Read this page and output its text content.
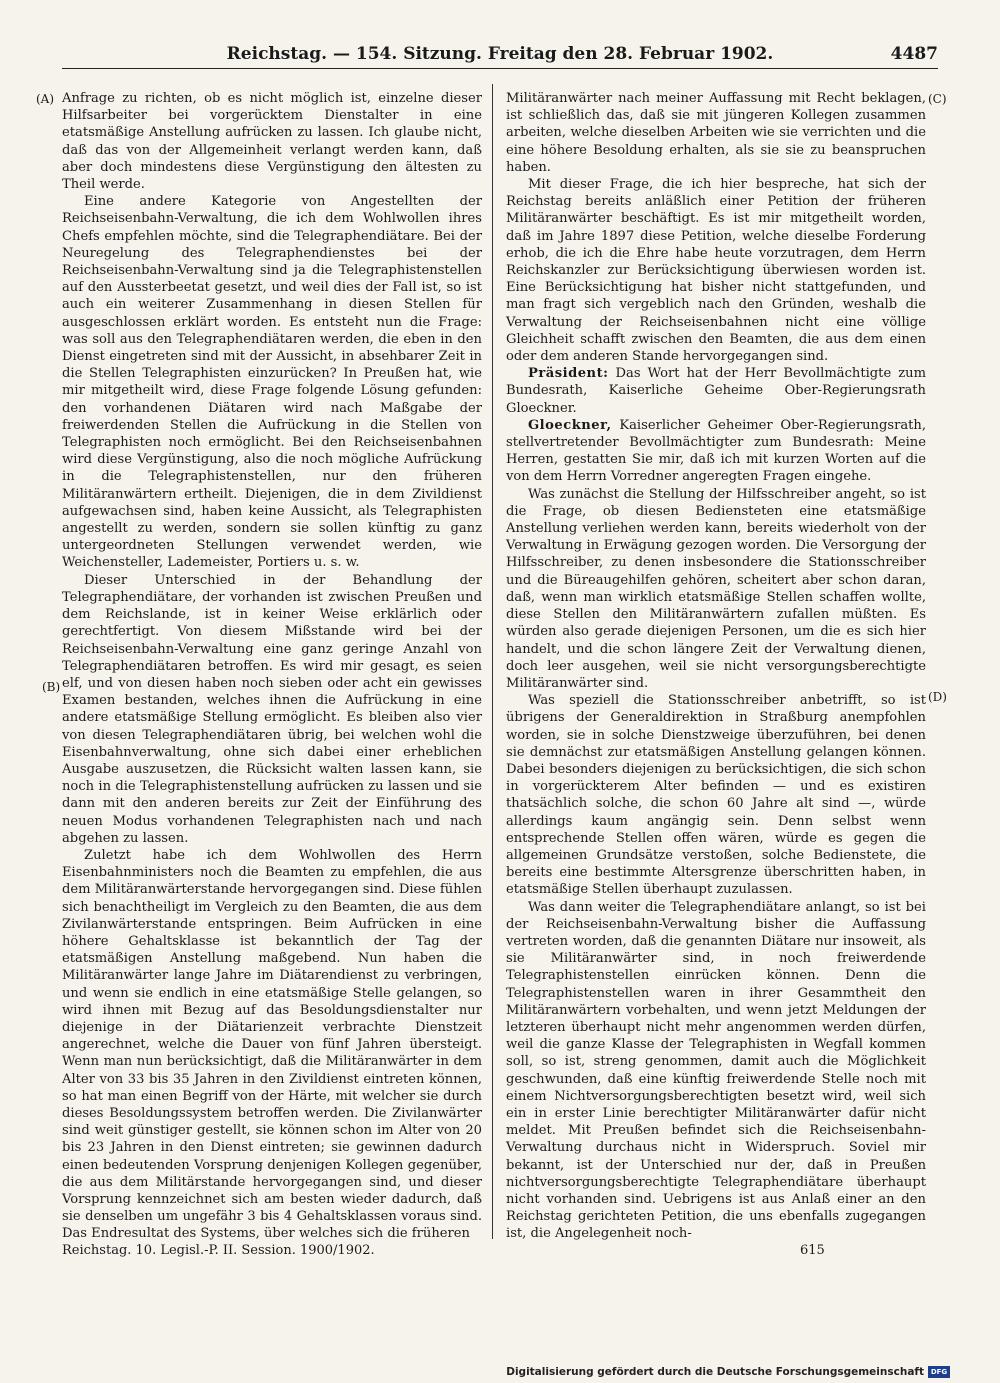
Reichstag. — 154. Sitzung. Freitag den 28. Februar 1902.	4487
(A)
(B)
(C)
(D)

Anfrage zu richten, ob es nicht möglich ist, einzelne dieser Hilfsarbeiter bei vorgerücktem Dienstalter in eine etatsmäßige Anstellung aufrücken zu lassen. Ich glaube nicht, daß das von der Allgemeinheit verlangt werden kann, daß aber doch mindestens diese Vergünstigung den ältesten zu Theil werde.

Eine andere Kategorie von Angestellten der Reichseisenbahn-Verwaltung, die ich dem Wohlwollen ihres Chefs empfehlen möchte, sind die Telegraphendiätare. Bei der Neuregelung des Telegraphendienstes bei der Reichseisenbahn-Verwaltung sind ja die Telegraphistenstellen auf den Aussterbeetat gesetzt, und weil dies der Fall ist, so ist auch ein weiterer Zusammenhang in diesen Stellen für ausgeschlossen erklärt worden. Es entsteht nun die Frage: was soll aus den Telegraphendiätaren werden, die eben in den Dienst eingetreten sind mit der Aussicht, in absehbarer Zeit in die Stellen Telegraphisten einzurücken? In Preußen hat, wie mir mitgetheilt wird, diese Frage folgende Lösung gefunden: den vorhandenen Diätaren wird nach Maßgabe der freiwerdenden Stellen die Aufrückung in die Stellen von Telegraphisten noch ermöglicht. Bei den Reichseisenbahnen wird diese Vergünstigung, also die noch mögliche Aufrückung in die Telegraphistenstellen, nur den früheren Militäranwärtern ertheilt. Diejenigen, die in dem Zivildienst aufgewachsen sind, haben keine Aussicht, als Telegraphisten angestellt zu werden, sondern sie sollen künftig zu ganz untergeordneten Stellungen verwendet werden, wie Weichensteller, Lademeister, Portiers u. s. w.

Dieser Unterschied in der Behandlung der Telegraphendiätare, der vorhanden ist zwischen Preußen und dem Reichslande, ist in keiner Weise erklärlich oder gerechtfertigt. Von diesem Mißstande wird bei der Reichseisenbahn-Verwaltung eine ganz geringe Anzahl von Telegraphendiätaren betroffen. Es wird mir gesagt, es seien elf, und von diesen haben noch sieben oder acht ein gewisses Examen bestanden, welches ihnen die Aufrückung in eine andere etatsmäßige Stellung ermöglicht. Es bleiben also vier von diesen Telegraphendiätaren übrig, bei welchen wohl die Eisenbahnverwaltung, ohne sich dabei einer erheblichen Ausgabe auszusetzen, die Rücksicht walten lassen kann, sie noch in die Telegraphistenstellung aufrücken zu lassen und sie dann mit den anderen bereits zur Zeit der Einführung des neuen Modus vorhandenen Telegraphisten nach und nach abgehen zu lassen.

Zuletzt habe ich dem Wohlwollen des Herrn Eisenbahnministers noch die Beamten zu empfehlen, die aus dem Militäranwärterstande hervorgegangen sind. Diese fühlen sich benachtheiligt im Vergleich zu den Beamten, die aus dem Zivilanwärterstande entspringen. Beim Aufrücken in eine höhere Gehaltsklasse ist bekanntlich der Tag der etatsmäßigen Anstellung maßgebend. Nun haben die Militäranwärter lange Jahre im Diätarendienst zu verbringen, und wenn sie endlich in eine etatsmäßige Stelle gelangen, so wird ihnen mit Bezug auf das Besoldungsdienstalter nur diejenige in der Diätarienzeit verbrachte Dienstzeit angerechnet, welche die Dauer von fünf Jahren übersteigt. Wenn man nun berücksichtigt, daß die Militäranwärter in dem Alter von 33 bis 35 Jahren in den Zivildienst eintreten können, so hat man einen Begriff von der Härte, mit welcher sie durch dieses Besoldungssystem betroffen werden. Die Zivilanwärter sind weit günstiger gestellt, sie können schon im Alter von 20 bis 23 Jahren in den Dienst eintreten; sie gewinnen dadurch einen bedeutenden Vorsprung denjenigen Kollegen gegenüber, die aus dem Militärstande hervorgegangen sind, und dieser Vorsprung kennzeichnet sich am besten wieder dadurch, daß sie denselben um ungefähr 3 bis 4 Gehaltsklassen voraus sind. Das Endresultat des Systems, über welches sich die früheren

Militäranwärter nach meiner Auffassung mit Recht beklagen, ist schließlich das, daß sie mit jüngeren Kollegen zusammen arbeiten, welche dieselben Arbeiten wie sie verrichten und die eine höhere Besoldung erhalten, als sie sie zu beanspruchen haben.

Mit dieser Frage, die ich hier bespreche, hat sich der Reichstag bereits anläßlich einer Petition der früheren Militäranwärter beschäftigt. Es ist mir mitgetheilt worden, daß im Jahre 1897 diese Petition, welche dieselbe Forderung erhob, die ich die Ehre habe heute vorzutragen, dem Herrn Reichskanzler zur Berücksichtigung überwiesen worden ist. Eine Berücksichtigung hat bisher nicht stattgefunden, und man fragt sich vergeblich nach den Gründen, weshalb die Verwaltung der Reichseisenbahnen nicht eine völlige Gleichheit schafft zwischen den Beamten, die aus dem einen oder dem anderen Stande hervorgegangen sind.

Präsident: Das Wort hat der Herr Bevollmächtigte zum Bundesrath, Kaiserliche Geheime Ober-Regierungsrath Gloeckner.

Gloeckner, Kaiserlicher Geheimer Ober-Regierungsrath, stellvertretender Bevollmächtigter zum Bundesrath: Meine Herren, gestatten Sie mir, daß ich mit kurzen Worten auf die von dem Herrn Vorredner angeregten Fragen eingehe.

Was zunächst die Stellung der Hilfsschreiber angeht, so ist die Frage, ob diesen Bediensteten eine etatsmäßige Anstellung verliehen werden kann, bereits wiederholt von der Verwaltung in Erwägung gezogen worden. Die Versorgung der Hilfsschreiber, zu denen insbesondere die Stationsschreiber und die Büreaugehilfen gehören, scheitert aber schon daran, daß, wenn man wirklich etatsmäßige Stellen schaffen wollte, diese Stellen den Militäranwärtern zufallen müßten. Es würden also gerade diejenigen Personen, um die es sich hier handelt, und die schon längere Zeit der Verwaltung dienen, doch leer ausgehen, weil sie nicht versorgungsberechtigte Militäranwärter sind.

Was speziell die Stationsschreiber anbetrifft, so ist übrigens der Generaldirektion in Straßburg anempfohlen worden, sie in solche Dienstzweige überzuführen, bei denen sie demnächst zur etatsmäßigen Anstellung gelangen können. Dabei besonders diejenigen zu berücksichtigen, die sich schon in vorgerückterem Alter befinden — und es existiren thatsächlich solche, die schon 60 Jahre alt sind —, würde allerdings kaum angängig sein. Denn selbst wenn entsprechende Stellen offen wären, würde es gegen die allgemeinen Grundsätze verstoßen, solche Bedienstete, die bereits eine bestimmte Altersgrenze überschritten haben, in etatsmäßige Stellen überhaupt zuzulassen.

Was dann weiter die Telegraphendiätare anlangt, so ist bei der Reichseisenbahn-Verwaltung bisher die Auffassung vertreten worden, daß die genannten Diätare nur insoweit, als sie Militäranwärter sind, in noch freiwerdende Telegraphistenstellen einrücken können. Denn die Telegraphistenstellen waren in ihrer Gesammtheit den Militäranwärtern vorbehalten, und wenn jetzt Meldungen der letzteren überhaupt nicht mehr angenommen werden dürfen, weil die ganze Klasse der Telegraphisten in Wegfall kommen soll, so ist, streng genommen, damit auch die Möglichkeit geschwunden, daß eine künftig freiwerdende Stelle noch mit einem Nichtversorgungsberechtigten besetzt wird, weil sich ein in erster Linie berechtigter Militäranwärter dafür nicht meldet. Mit Preußen befindet sich die Reichseisenbahn-Verwaltung durchaus nicht in Widerspruch. Soviel mir bekannt, ist der Unterschied nur der, daß in Preußen nichtversorgungsberechtigte Telegraphendiätare überhaupt nicht vorhanden sind. Uebrigens ist aus Anlaß einer an den Reichstag gerichteten Petition, die uns ebenfalls zugegangen ist, die Angelegenheit noch-

Reichstag. 10. Legisl.-P. II. Session. 1900/1902.	615
Digitalisierung gefördert durch die Deutsche Forschungsgemeinschaft DFG
